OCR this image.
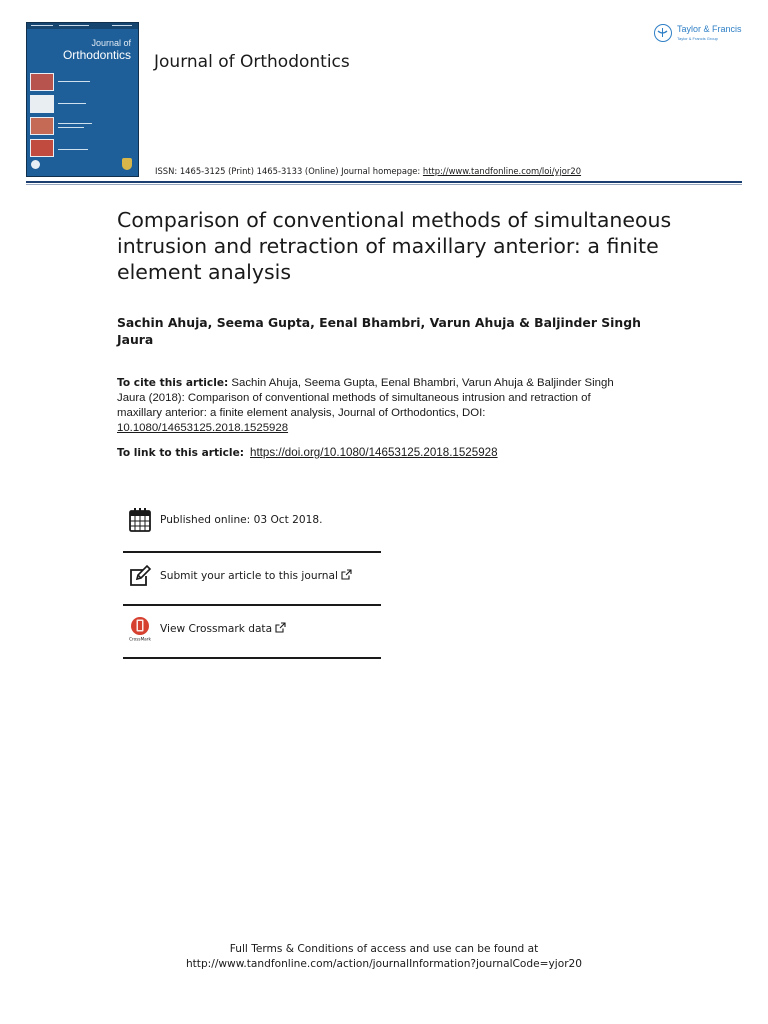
Journal of
Orthodontics Journal of Orthodontics
Taylor & Francis
Taylor & Francis Group
ISSN: 1465-3125 (Print) 1465-3133 (Online) Journal homepage: http://www.tandfonline.com/loi/yjor20
Comparison of conventional methods of simultaneous intrusion and retraction of maxillary anterior: a finite element analysis
Sachin Ahuja, Seema Gupta, Eenal Bhambri, Varun Ahuja & Baljinder Singh Jaura
To cite this article: Sachin Ahuja, Seema Gupta, Eenal Bhambri, Varun Ahuja & Baljinder Singh Jaura (2018): Comparison of conventional methods of simultaneous intrusion and retraction of maxillary anterior: a finite element analysis, Journal of Orthodontics, DOI: 10.1080/14653125.2018.1525928
To link to this article: https://doi.org/10.1080/14653125.2018.1525928
Published online: 03 Oct 2018.
Submit your article to this journal
CrossMark
View Crossmark data
Full Terms & Conditions of access and use can be found at
http://www.tandfonline.com/action/journalInformation?journalCode=yjor20
